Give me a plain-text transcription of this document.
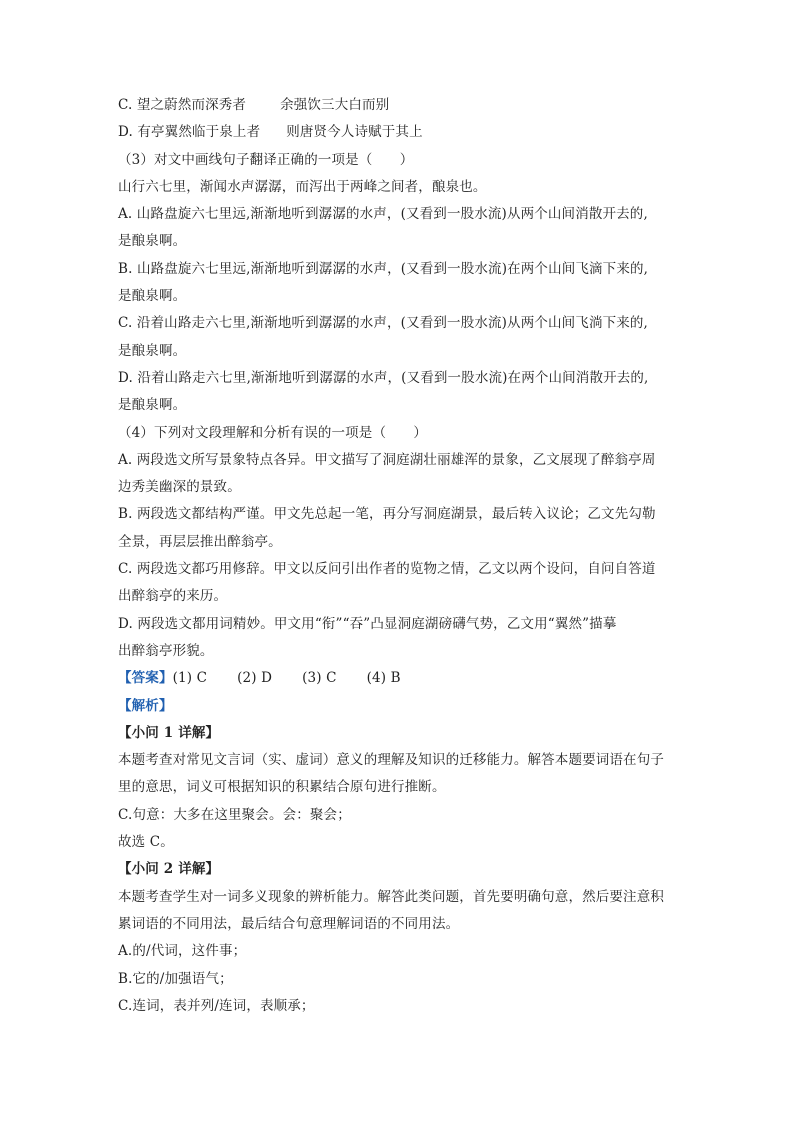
C. 望之蔚然而深秀者	余强饮三大白而别
D. 有亭翼然临于泉上者 则唐贤今人诗赋于其上
（3）对文中画线句子翻译正确的一项是（　　）
山行六七里，渐闻水声潺潺，而泻出于两峰之间者，酿泉也。
A. 山路盘旋六七里远,渐渐地听到潺潺的水声，(又看到一股水流)从两个山间消散开去的,
是酿泉啊。
B. 山路盘旋六七里远,渐渐地听到潺潺的水声，(又看到一股水流)在两个山间飞滴下来的,
是酿泉啊。
C. 沿着山路走六七里,渐渐地听到潺潺的水声，(又看到一股水流)从两个山间飞淌下来的,
是酿泉啊。
D. 沿着山路走六七里,渐渐地听到潺潺的水声，(又看到一股水流)在两个山间消散开去的,
是酿泉啊。
（4）下列对文段理解和分析有误的一项是（　　）
A. 两段选文所写景象特点各异。甲文描写了洞庭湖壮丽雄浑的景象，乙文展现了醉翁亭周
边秀美幽深的景致。
B. 两段选文都结构严谨。甲文先总起一笔，再分写洞庭湖景，最后转入议论；乙文先勾勒
全景，再层层推出醉翁亭。
C. 两段选文都巧用修辞。甲文以反问引出作者的览物之情，乙文以两个设问，自问自答道
出醉翁亭的来历。
D. 两段选文都用词精妙。甲文用“衔”“吞”凸显洞庭湖磅礴气势，乙文用“翼然”描摹
出醉翁亭形貌。
【答案】(1) C (2) D (3) C (4) B
【解析】
【小问 1 详解】
本题考查对常见文言词（实、虚词）意义的理解及知识的迁移能力。解答本题要词语在句子
里的意思，词义可根据知识的积累结合原句进行推断。
C.句意：大多在这里聚会。会：聚会；
故选 C。
【小问 2 详解】
本题考查学生对一词多义现象的辨析能力。解答此类问题，首先要明确句意，然后要注意积
累词语的不同用法，最后结合句意理解词语的不同用法。
A.的/代词，这件事；
B.它的/加强语气；
C.连词，表并列/连词，表顺承；
